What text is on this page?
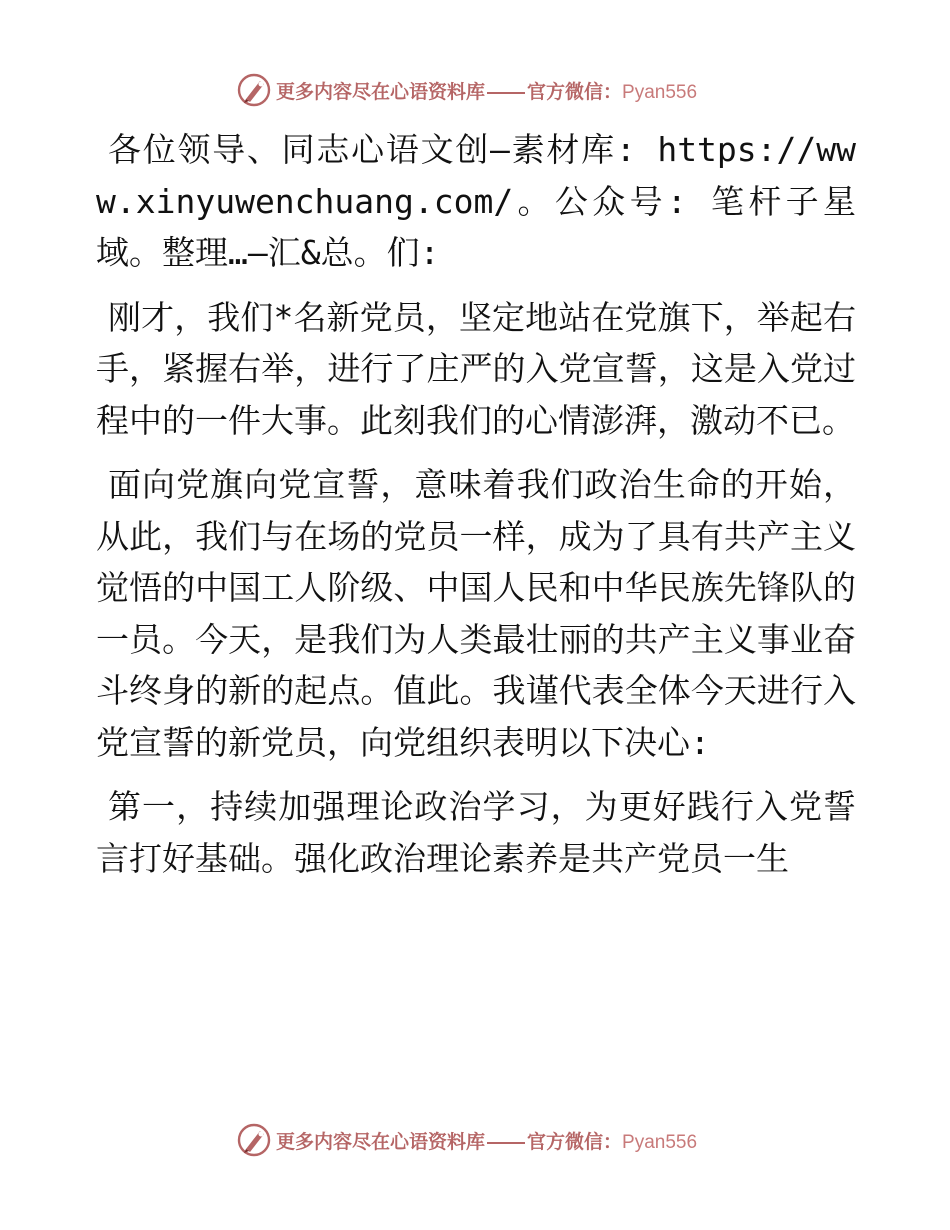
更多内容尽在心语资料库 官方微信：Pyan556

各位领导、同志心语文创—素材库: https://www.xinyuwenchuang.com/。公众号: 笔杆子星域。整理…—汇&总。们:

刚才，我们*名新党员，坚定地站在党旗下，举起右手，紧握右举，进行了庄严的入党宣誓，这是入党过程中的一件大事。此刻我们的心情澎湃，激动不已。

面向党旗向党宣誓，意味着我们政治生命的开始，从此，我们与在场的党员一样，成为了具有共产主义觉悟的中国工人阶级、中国人民和中华民族先锋队的一员。今天，是我们为人类最壮丽的共产主义事业奋斗终身的新的起点。值此。我谨代表全体今天进行入党宣誓的新党员，向党组织表明以下决心:

第一，持续加强理论政治学习，为更好践行入党誓言打好基础。强化政治理论素养是共产党员一生

更多内容尽在心语资料库 官方微信：Pyan556
